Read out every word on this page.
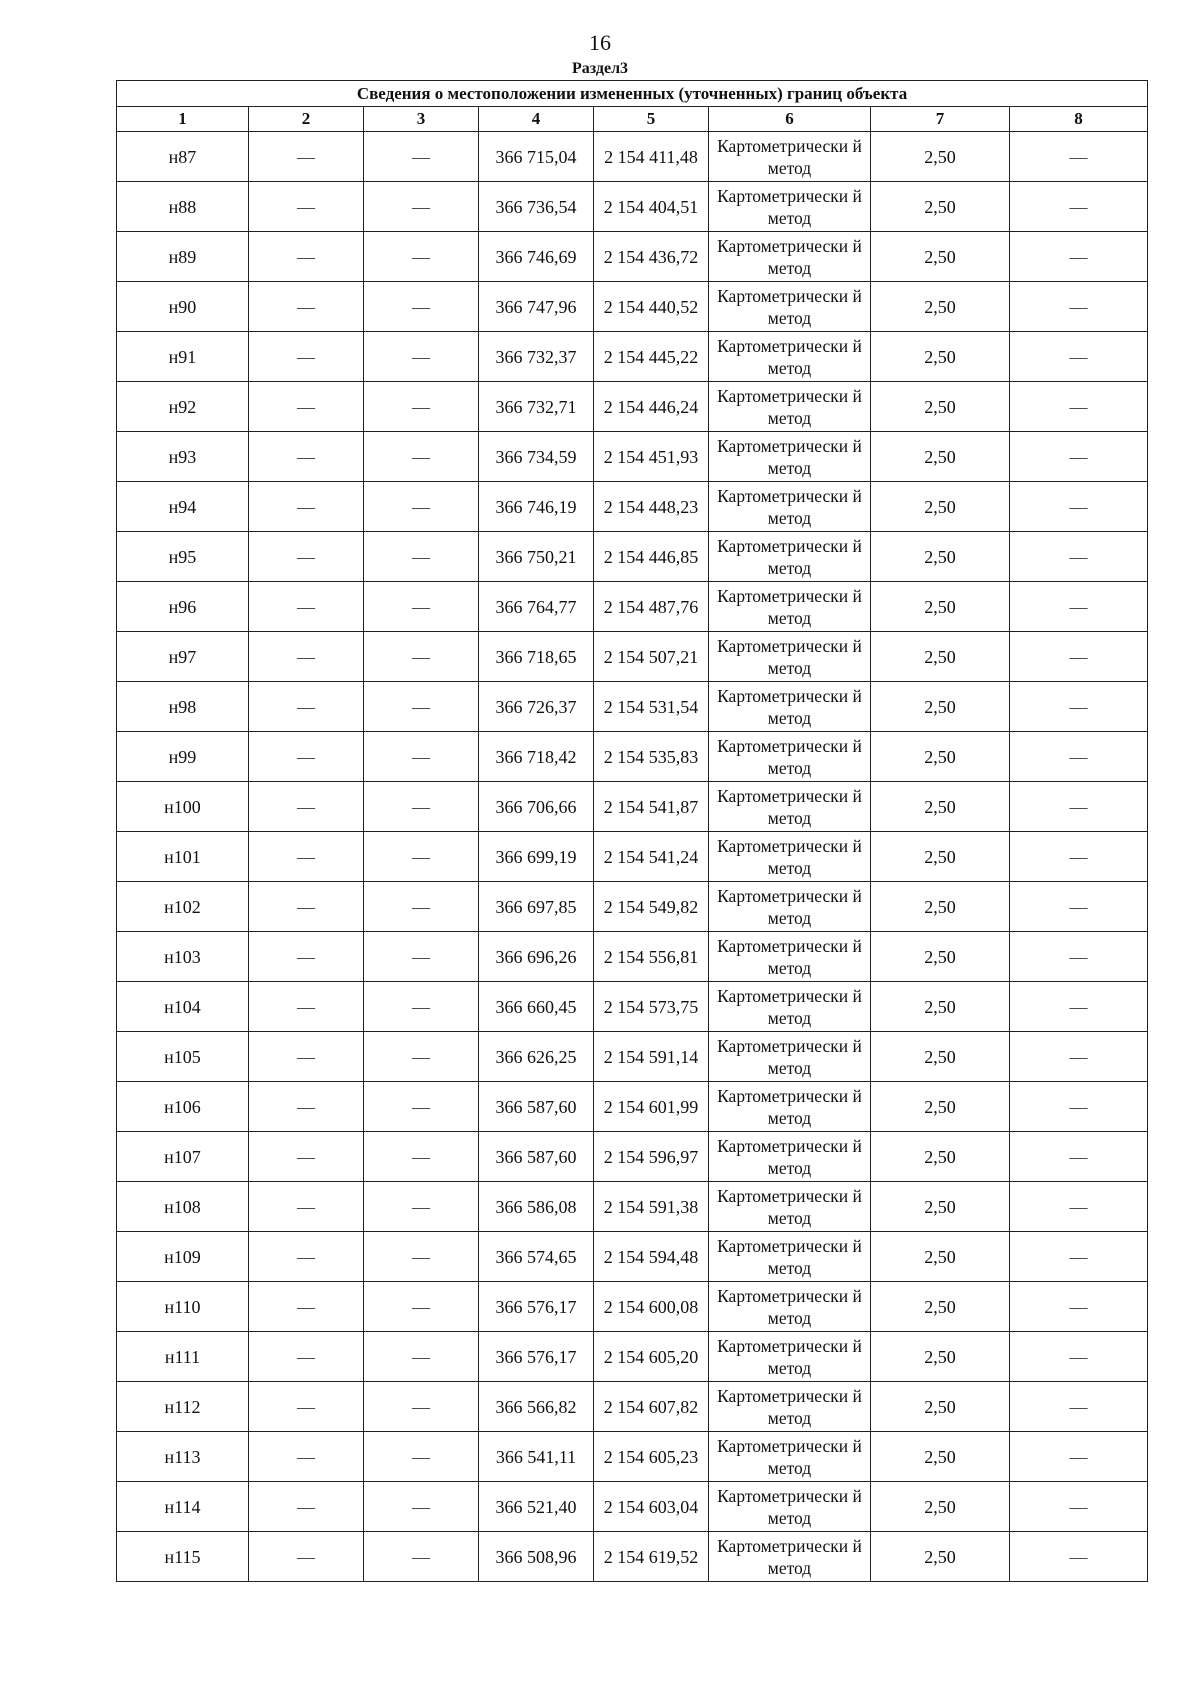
16
Раздел3
Сведения о местоположении измененных (уточненных) границ объекта							
1	2	3	4	5	6	7	8
н87	—	—	366 715,04	2 154 411,48	Картометрически й метод	2,50	—
н88	—	—	366 736,54	2 154 404,51	Картометрически й метод	2,50	—
н89	—	—	366 746,69	2 154 436,72	Картометрически й метод	2,50	—
н90	—	—	366 747,96	2 154 440,52	Картометрически й метод	2,50	—
н91	—	—	366 732,37	2 154 445,22	Картометрически й метод	2,50	—
н92	—	—	366 732,71	2 154 446,24	Картометрически й метод	2,50	—
н93	—	—	366 734,59	2 154 451,93	Картометрически й метод	2,50	—
н94	—	—	366 746,19	2 154 448,23	Картометрически й метод	2,50	—
н95	—	—	366 750,21	2 154 446,85	Картометрически й метод	2,50	—
н96	—	—	366 764,77	2 154 487,76	Картометрически й метод	2,50	—
н97	—	—	366 718,65	2 154 507,21	Картометрически й метод	2,50	—
н98	—	—	366 726,37	2 154 531,54	Картометрически й метод	2,50	—
н99	—	—	366 718,42	2 154 535,83	Картометрически й метод	2,50	—
н100	—	—	366 706,66	2 154 541,87	Картометрически й метод	2,50	—
н101	—	—	366 699,19	2 154 541,24	Картометрически й метод	2,50	—
н102	—	—	366 697,85	2 154 549,82	Картометрически й метод	2,50	—
н103	—	—	366 696,26	2 154 556,81	Картометрически й метод	2,50	—
н104	—	—	366 660,45	2 154 573,75	Картометрически й метод	2,50	—
н105	—	—	366 626,25	2 154 591,14	Картометрически й метод	2,50	—
н106	—	—	366 587,60	2 154 601,99	Картометрически й метод	2,50	—
н107	—	—	366 587,60	2 154 596,97	Картометрически й метод	2,50	—
н108	—	—	366 586,08	2 154 591,38	Картометрически й метод	2,50	—
н109	—	—	366 574,65	2 154 594,48	Картометрически й метод	2,50	—
н110	—	—	366 576,17	2 154 600,08	Картометрически й метод	2,50	—
н111	—	—	366 576,17	2 154 605,20	Картометрически й метод	2,50	—
н112	—	—	366 566,82	2 154 607,82	Картометрически й метод	2,50	—
н113	—	—	366 541,11	2 154 605,23	Картометрически й метод	2,50	—
н114	—	—	366 521,40	2 154 603,04	Картометрически й метод	2,50	—
н115	—	—	366 508,96	2 154 619,52	Картометрически й метод	2,50	—
